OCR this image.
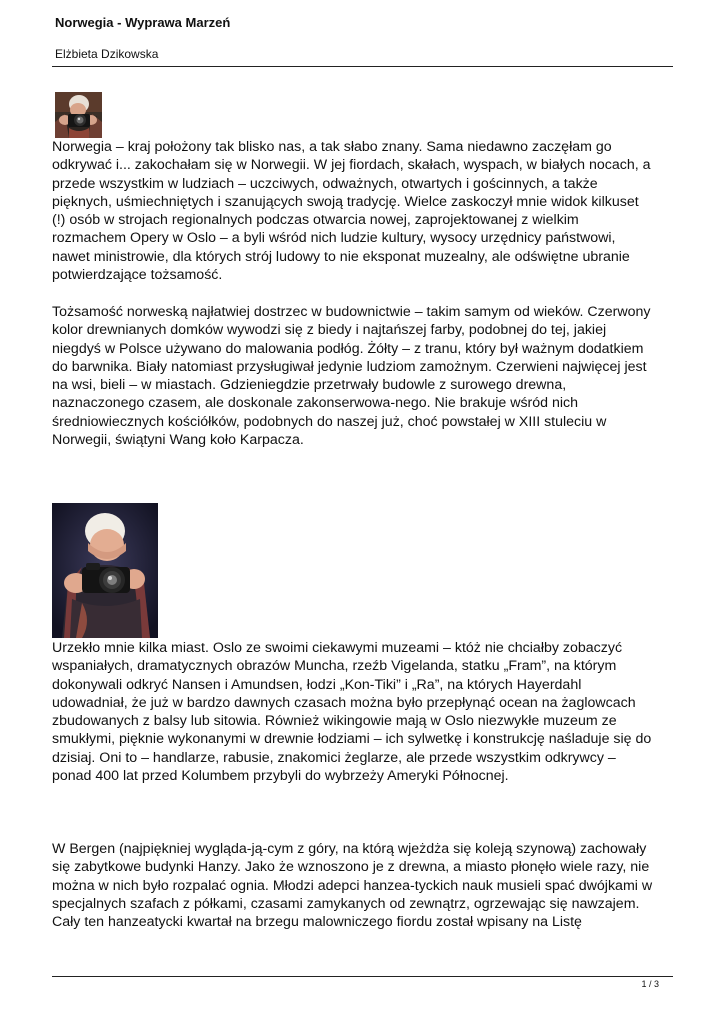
Norwegia - Wyprawa Marzeń
Elżbieta Dzikowska

Norwegia – kraj położony tak blisko nas, a tak słabo znany. Sama niedawno zaczęłam go
odkrywać i... zakochałam się w Norwegii. W jej fiordach, skałach, wyspach, w białych nocach, a
przede wszystkim w ludziach – uczciwych, odważnych, otwartych i gościnnych, a także
pięknych, uśmiechniętych i szanujących swoją tradycję. Wielce zaskoczył mnie widok kilkuset
(!) osób w strojach regionalnych podczas otwarcia nowej, zaprojektowanej z wielkim
rozmachem Opery w Oslo – a byli wśród nich ludzie kultury, wysocy urzędnicy państwowi,
nawet ministrowie, dla których strój ludowy to nie eksponat muzealny, ale odświętne ubranie
potwierdzające tożsamość.

Tożsamość norweską najłatwiej dostrzec w budownictwie – takim samym od wieków. Czerwony
kolor drewnianych domków wywodzi się z biedy i najtańszej farby, podobnej do tej, jakiej
niegdyś w Polsce używano do malowania podłóg. Żółty – z tranu, który był ważnym dodatkiem
do barwnika. Biały natomiast przysługiwał jedynie ludziom zamożnym. Czerwieni najwięcej jest
na wsi, bieli – w miastach. Gdzieniegdzie przetrwały budowle z surowego drewna,
naznaczonego czasem, ale doskonale zakonserwowa-nego. Nie brakuje wśród nich
średniowiecznych kościółków, podobnych do naszej już, choć powstałej w XIII stuleciu w
Norwegii, świątyni Wang koło Karpacza.

Urzekło mnie kilka miast. Oslo ze swoimi ciekawymi muzeami – któż nie chciałby zobaczyć
wspaniałych, dramatycznych obrazów Muncha, rzeźb Vigelanda, statku „Fram”, na którym
dokonywali odkryć Nansen i Amundsen, łodzi „Kon-Tiki” i „Ra”, na których Hayerdahl
udowadniał, że już w bardzo dawnych czasach można było przepłynąć ocean na żaglowcach
zbudowanych z balsy lub sitowia. Również wikingowie mają w Oslo niezwykłe muzeum ze
smukłymi, pięknie wykonanymi w drewnie łodziami – ich sylwetkę i konstrukcję naśladuje się do
dzisiaj. Oni to – handlarze, rabusie, znakomici żeglarze, ale przede wszystkim odkrywcy –
ponad 400 lat przed Kolumbem przybyli do wybrzeży Ameryki Północnej.

W Bergen (najpiękniej wygląda-ją-cym z góry, na którą wjeżdża się koleją szynową) zachowały
się zabytkowe budynki Hanzy. Jako że wznoszono je z drewna, a miasto płonęło wiele razy, nie
można w nich było rozpalać ognia. Młodzi adepci hanzea-tyckich nauk musieli spać dwójkami w
specjalnych szafach z półkami, czasami zamykanych od zewnątrz, ogrzewając się nawzajem.
Cały ten hanzeatycki kwartał na brzegu malowniczego fiordu został wpisany na Listę

1 / 3
